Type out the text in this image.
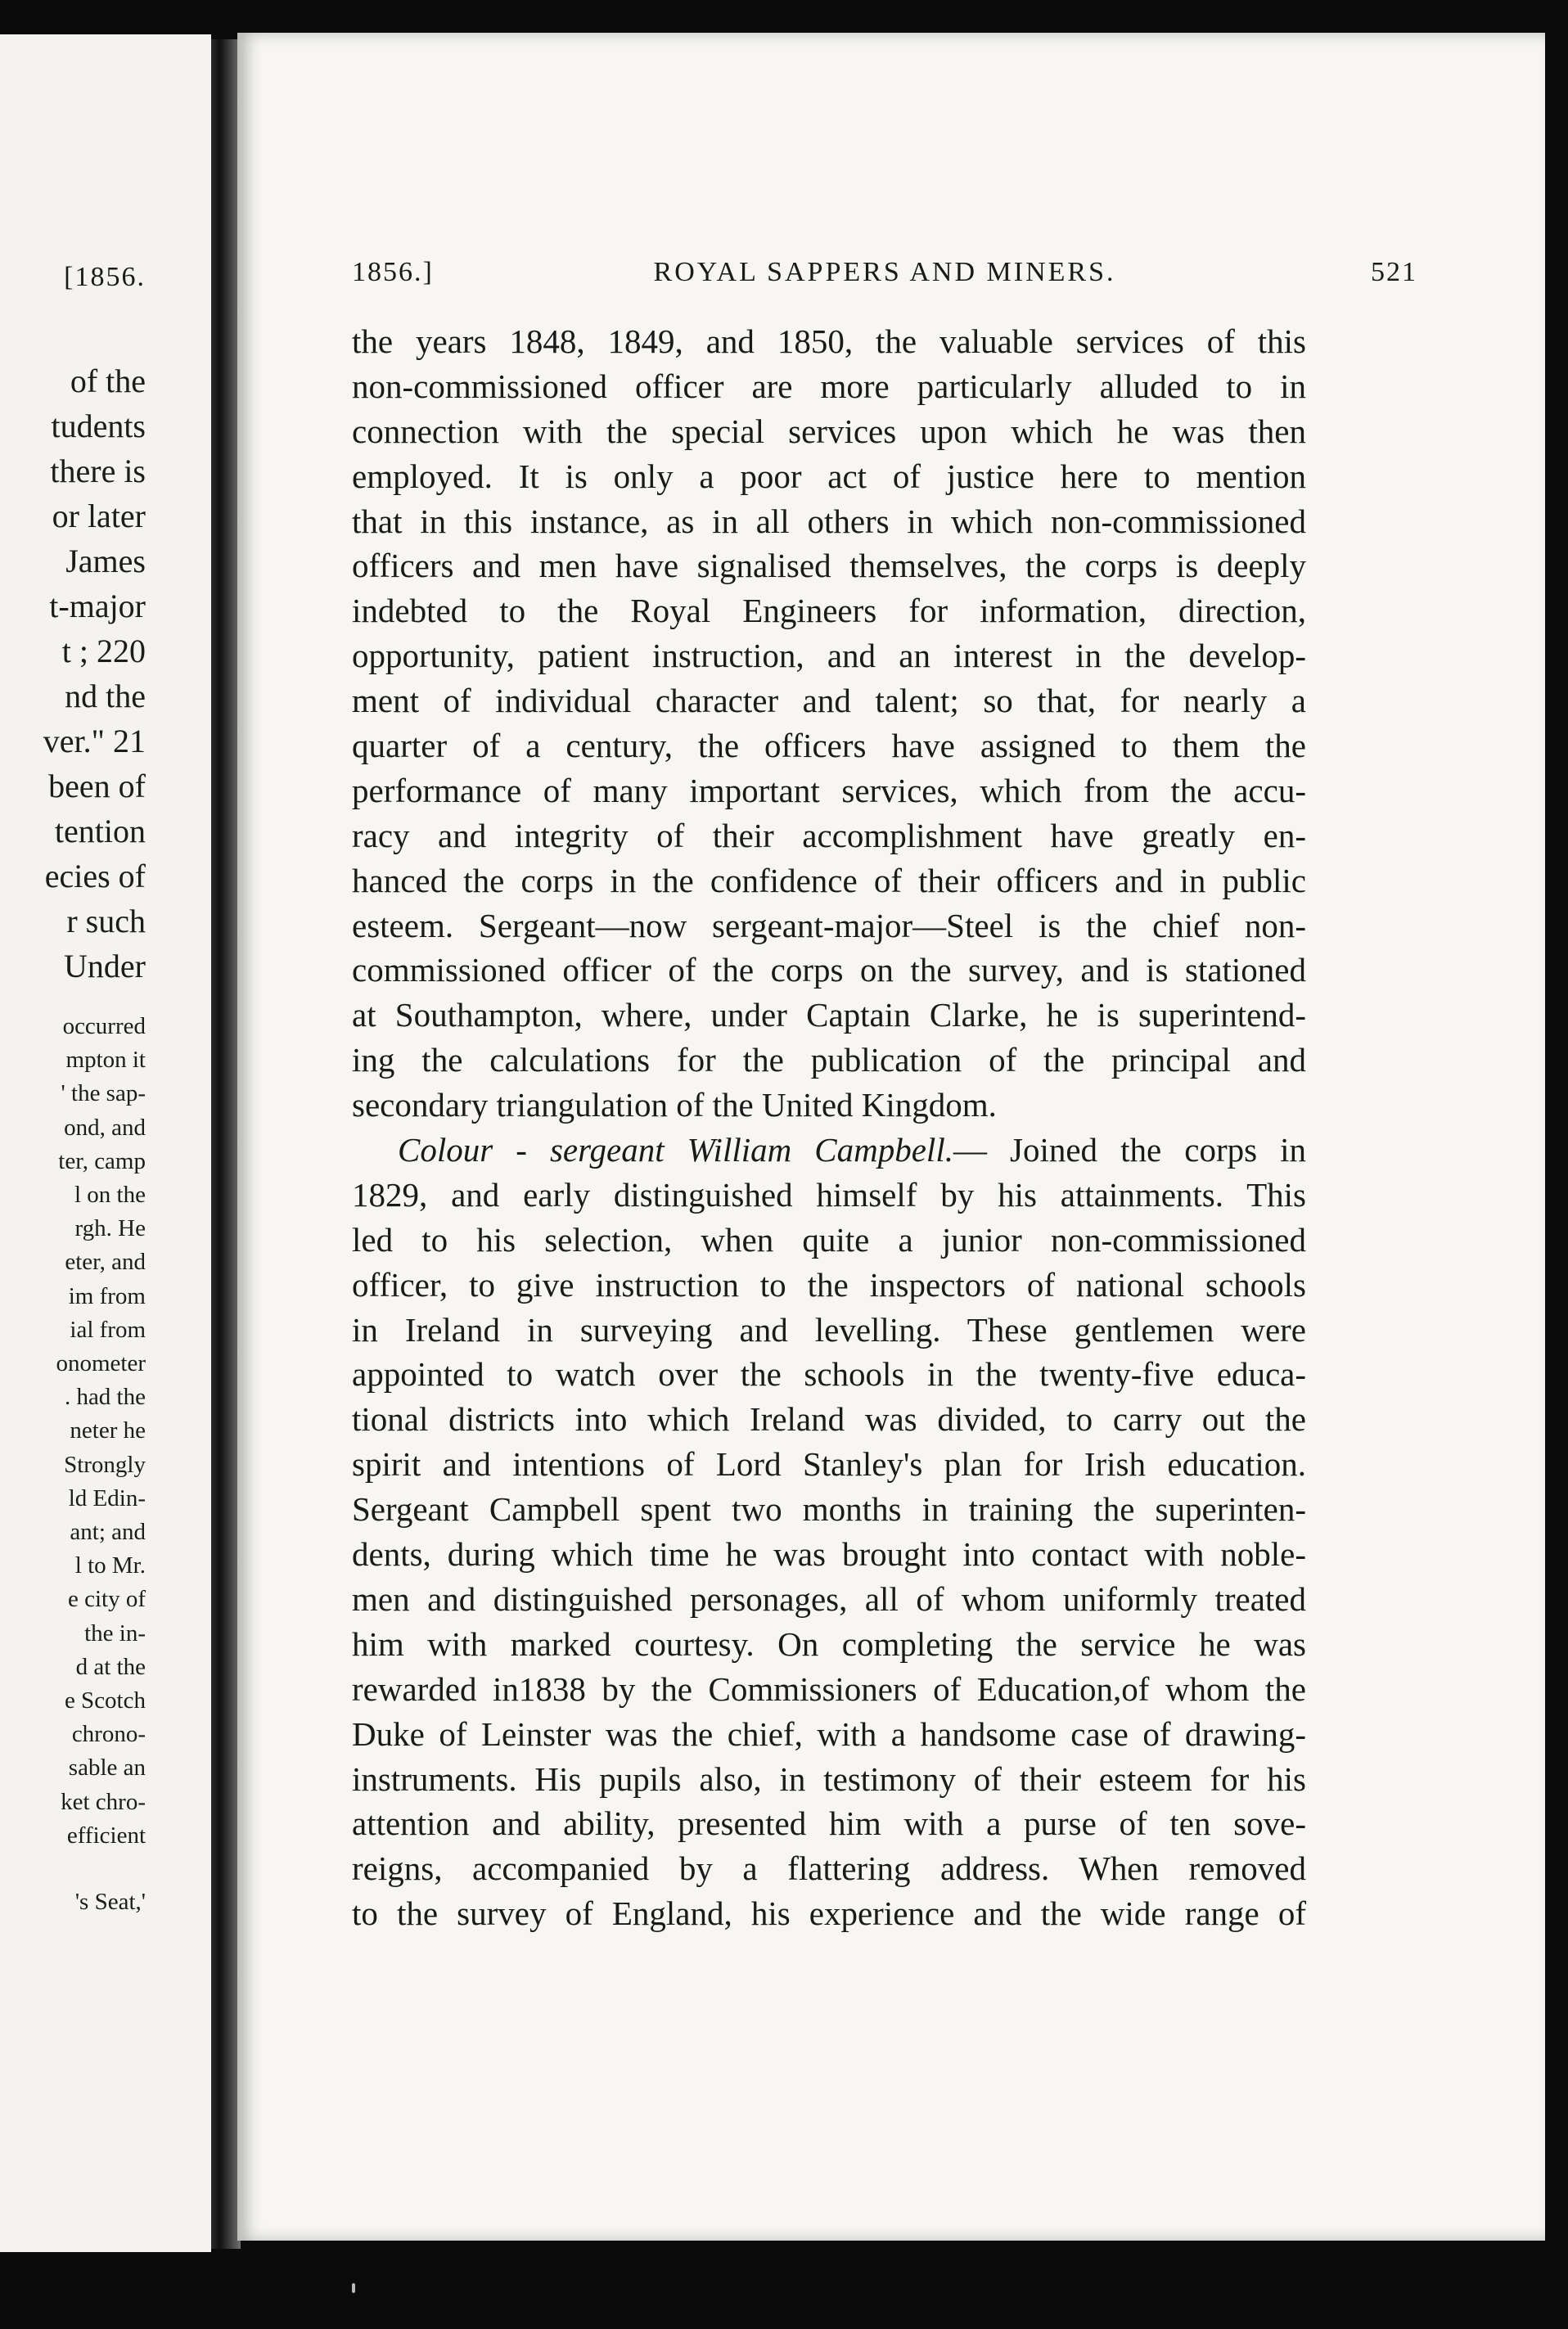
[1856.
of the
tudents
there is
or later
James
t-major
t ; 220
nd the
ver." 21
been of
tention
ecies of
r such
Under
occurred
mpton it
' the sap-
ond, and
ter, camp
l on the
rgh. He
eter, and
im from
ial from
onometer
. had the
neter he
Strongly
ld Edin-
ant; and
l to Mr.
e city of
the in-
d at the
e Scotch
chrono-
sable an
ket chro-
efficient
's Seat,'
1856.]	ROYAL SAPPERS AND MINERS.	521
the years 1848, 1849, and 1850, the valuable services of this
non-commissioned officer are more particularly alluded to in
connection with the special services upon which he was then
employed. It is only a poor act of justice here to mention
that in this instance, as in all others in which non-commissioned
officers and men have signalised themselves, the corps is deeply
indebted to the Royal Engineers for information, direction,
opportunity, patient instruction, and an interest in the develop-
ment of individual character and talent; so that, for nearly a
quarter of a century, the officers have assigned to them the
performance of many important services, which from the accu-
racy and integrity of their accomplishment have greatly en-
hanced the corps in the confidence of their officers and in public
esteem. Sergeant—now sergeant-major—Steel is the chief non-
commissioned officer of the corps on the survey, and is stationed
at Southampton, where, under Captain Clarke, he is superintend-
ing the calculations for the publication of the principal and
secondary triangulation of the United Kingdom.
Colour - sergeant William Campbell.— Joined the corps in
1829, and early distinguished himself by his attainments. This
led to his selection, when quite a junior non-commissioned
officer, to give instruction to the inspectors of national schools
in Ireland in surveying and levelling. These gentlemen were
appointed to watch over the schools in the twenty-five educa-
tional districts into which Ireland was divided, to carry out the
spirit and intentions of Lord Stanley's plan for Irish education.
Sergeant Campbell spent two months in training the superinten-
dents, during which time he was brought into contact with noble-
men and distinguished personages, all of whom uniformly treated
him with marked courtesy. On completing the service he was
rewarded in1838 by the Commissioners of Education,of whom the
Duke of Leinster was the chief, with a handsome case of drawing-
instruments. His pupils also, in testimony of their esteem for his
attention and ability, presented him with a purse of ten sove-
reigns, accompanied by a flattering address. When removed
to the survey of England, his experience and the wide range of
